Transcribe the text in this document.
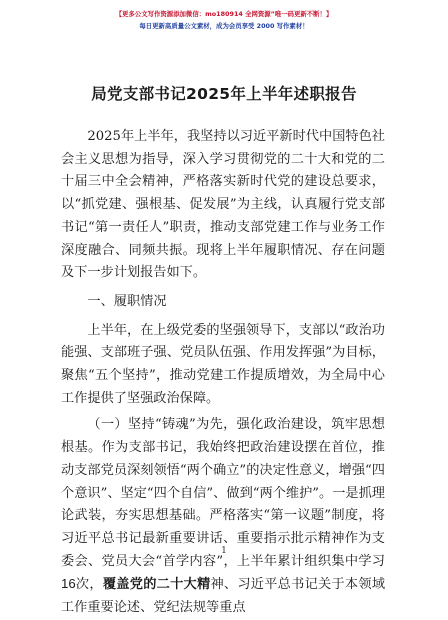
【更多公文写作资源添加微信：mo180914 全网资源”唯一码更新不断！】
每日更新高质量公文素材，成为会员享受 2000 写作素材！
局党支部书记2025年上半年述职报告

2025年上半年，我坚持以习近平新时代中国特色社会主义思想为指导，深入学习贯彻党的二十大和党的二十届三中全会精神，严格落实新时代党的建设总要求，以“抓党建、强根基、促发展”为主线，认真履行党支部书记“第一责任人”职责，推动支部党建工作与业务工作深度融合、同频共振。现将上半年履职情况、存在问题及下一步计划报告如下。

一、履职情况

上半年，在上级党委的坚强领导下，支部以“政治功能强、支部班子强、党员队伍强、作用发挥强”为目标，聚焦“五个坚持”，推动党建工作提质增效，为全局中心工作提供了坚强政治保障。

（一）坚持“铸魂”为先，强化政治建设，筑牢思想根基。作为支部书记，我始终把政治建设摆在首位，推动支部党员深刻领悟“两个确立”的决定性意义，增强“四个意识”、坚定“四个自信”、做到“两个维护”。一是抓理论武装，夯实思想基础。严格落实“第一议题”制度，将习近平总书记最新重要讲话、重要指示批示精神作为支委会、党员大会“首学内容”，上半年累计组织集中学习16次，覆盖党的二十大精神、习近平总书记关于本领域工作重要论述、党纪法规等重点

1
